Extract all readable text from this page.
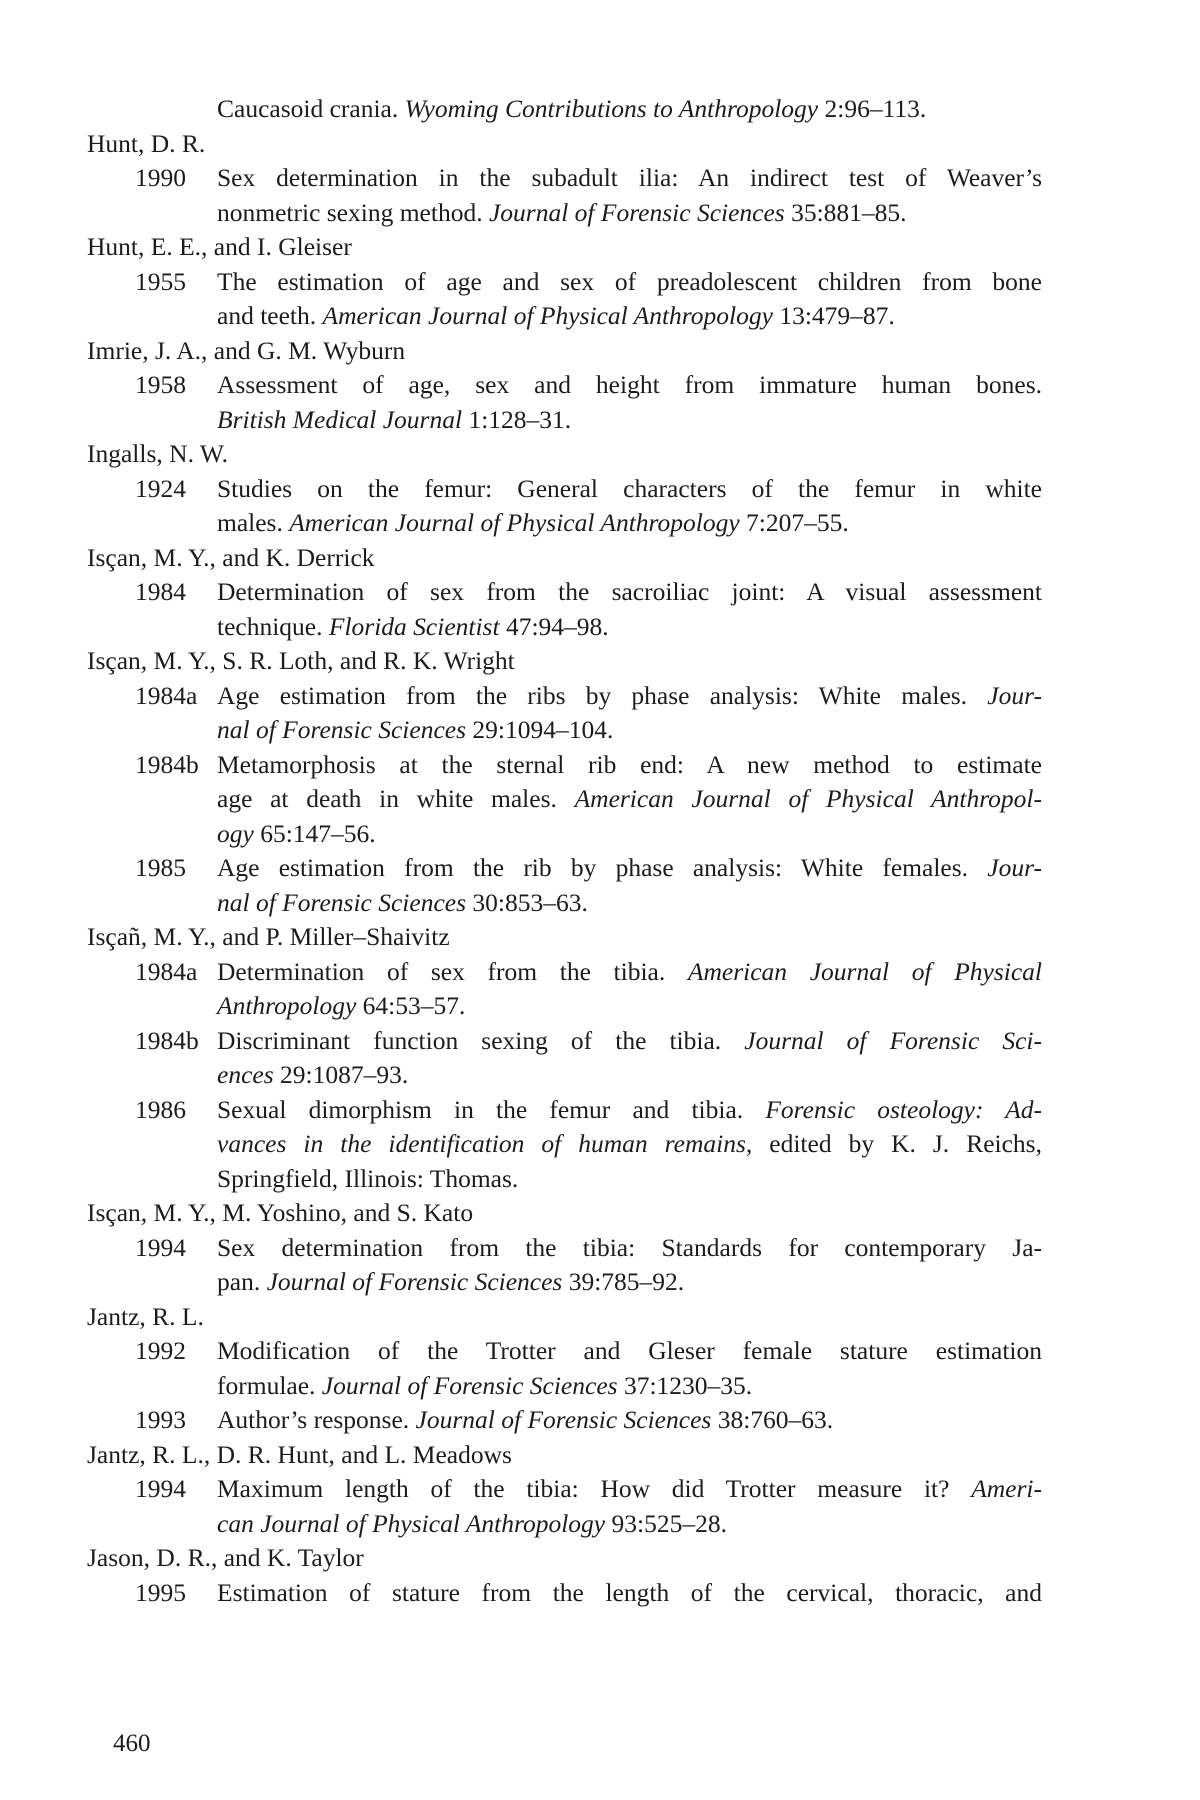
Caucasoid crania. Wyoming Contributions to Anthropology 2:96–113.
Hunt, D. R.
1990 Sex determination in the subadult ilia: An indirect test of Weaver’s
nonmetric sexing method. Journal of Forensic Sciences 35:881–85.
Hunt, E. E., and I. Gleiser
1955 The estimation of age and sex of preadolescent children from bone
and teeth. American Journal of Physical Anthropology 13:479–87.
Imrie, J. A., and G. M. Wyburn
1958 Assessment of age, sex and height from immature human bones.
British Medical Journal 1:128–31.
Ingalls, N. W.
1924 Studies on the femur: General characters of the femur in white
males. American Journal of Physical Anthropology 7:207–55.
Isçan, M. Y., and K. Derrick
1984 Determination of sex from the sacroiliac joint: A visual assessment
technique. Florida Scientist 47:94–98.
Isçan, M. Y., S. R. Loth, and R. K. Wright
1984a Age estimation from the ribs by phase analysis: White males. Jour-
nal of Forensic Sciences 29:1094–104.
1984b Metamorphosis at the sternal rib end: A new method to estimate
age at death in white males. American Journal of Physical Anthropol-
ogy 65:147–56.
1985 Age estimation from the rib by phase analysis: White females. Jour-
nal of Forensic Sciences 30:853–63.
Isçañ, M. Y., and P. Miller–Shaivitz
1984a Determination of sex from the tibia. American Journal of Physical
Anthropology 64:53–57.
1984b Discriminant function sexing of the tibia. Journal of Forensic Sci-
ences 29:1087–93.
1986 Sexual dimorphism in the femur and tibia. Forensic osteology: Ad-
vances in the identification of human remains, edited by K. J. Reichs,
Springfield, Illinois: Thomas.
Isçan, M. Y., M. Yoshino, and S. Kato
1994 Sex determination from the tibia: Standards for contemporary Ja-
pan. Journal of Forensic Sciences 39:785–92.
Jantz, R. L.
1992 Modification of the Trotter and Gleser female stature estimation
formulae. Journal of Forensic Sciences 37:1230–35.
1993 Author’s response. Journal of Forensic Sciences 38:760–63.
Jantz, R. L., D. R. Hunt, and L. Meadows
1994 Maximum length of the tibia: How did Trotter measure it? Ameri-
can Journal of Physical Anthropology 93:525–28.
Jason, D. R., and K. Taylor
1995 Estimation of stature from the length of the cervical, thoracic, and
460
